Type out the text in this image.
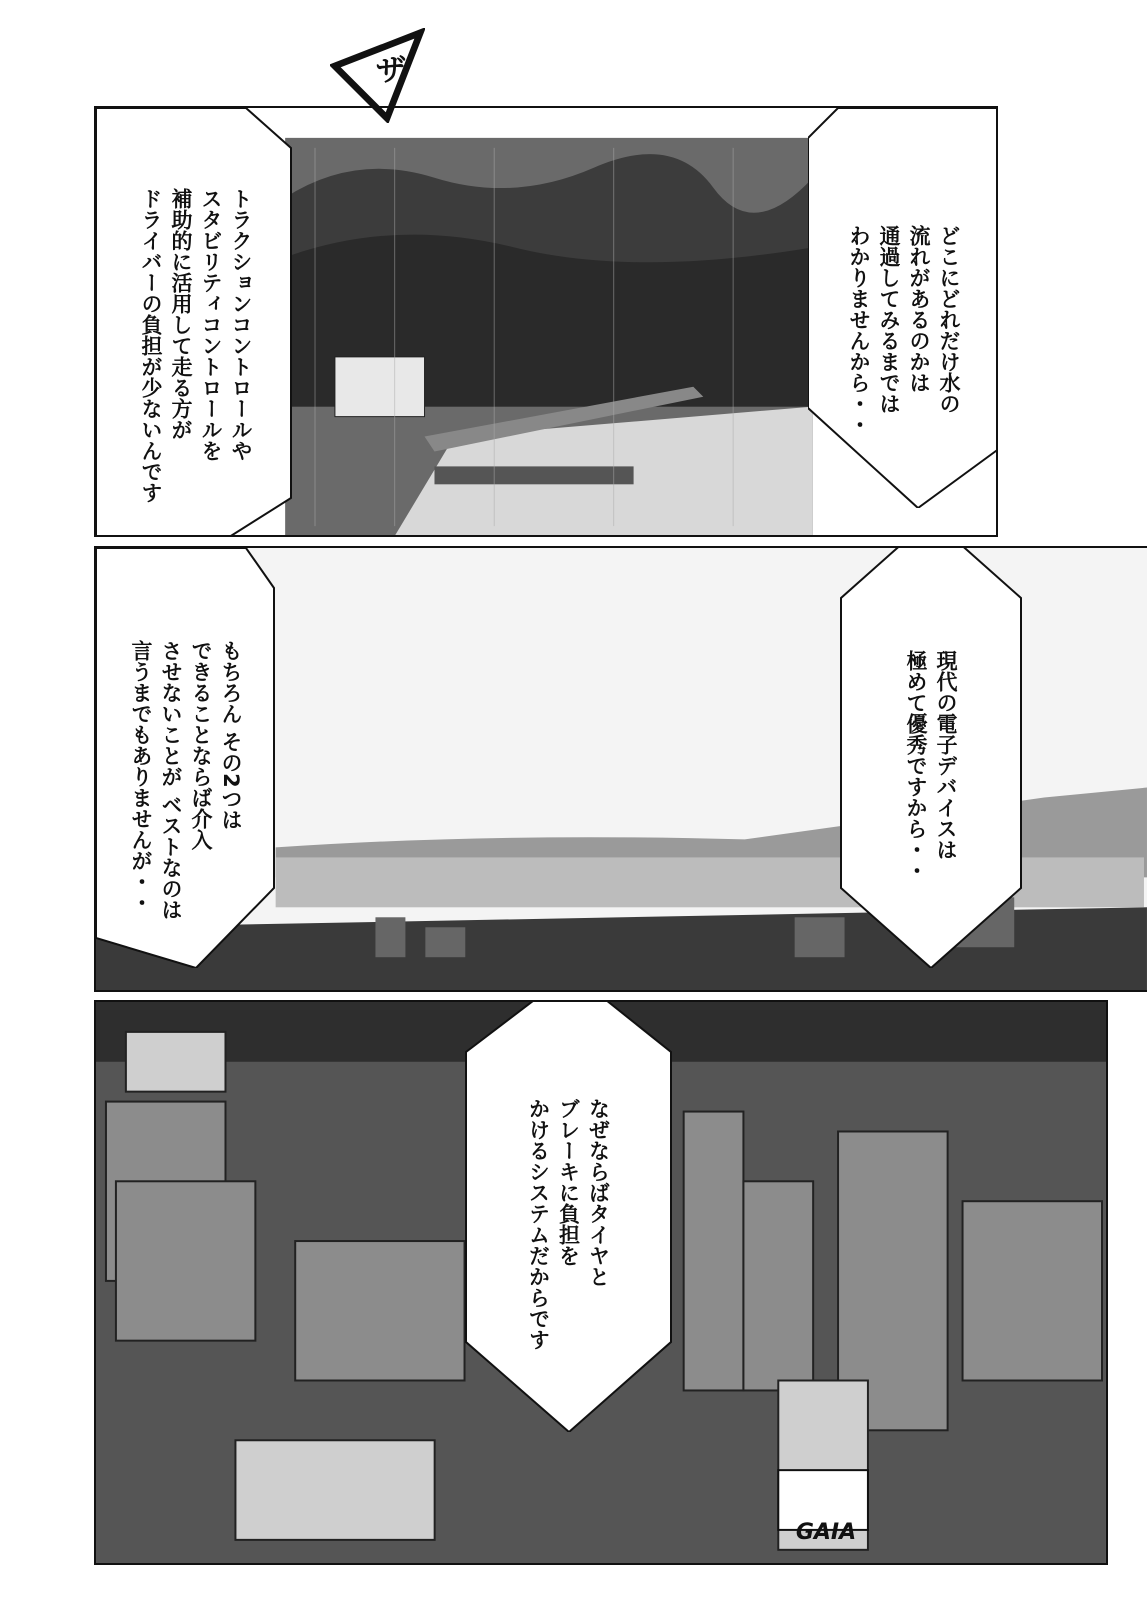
ザ

トラクションコントロールや
スタビリティコントロールを
補助的に活用して走る方が
ドライバーの負担が少ないんです
	どこにどれだけ水の
流れがあるのかは
通過してみるまでは
わかりませんから・・

もちろん その2つは
できることならば介入
させないことが ベストなのは
言うまでもありませんが・・
	現代の電子デバイスは
極めて優秀ですから・・

GAIA

なぜならばタイヤと
ブレーキに負担を
かけるシステムだからです
